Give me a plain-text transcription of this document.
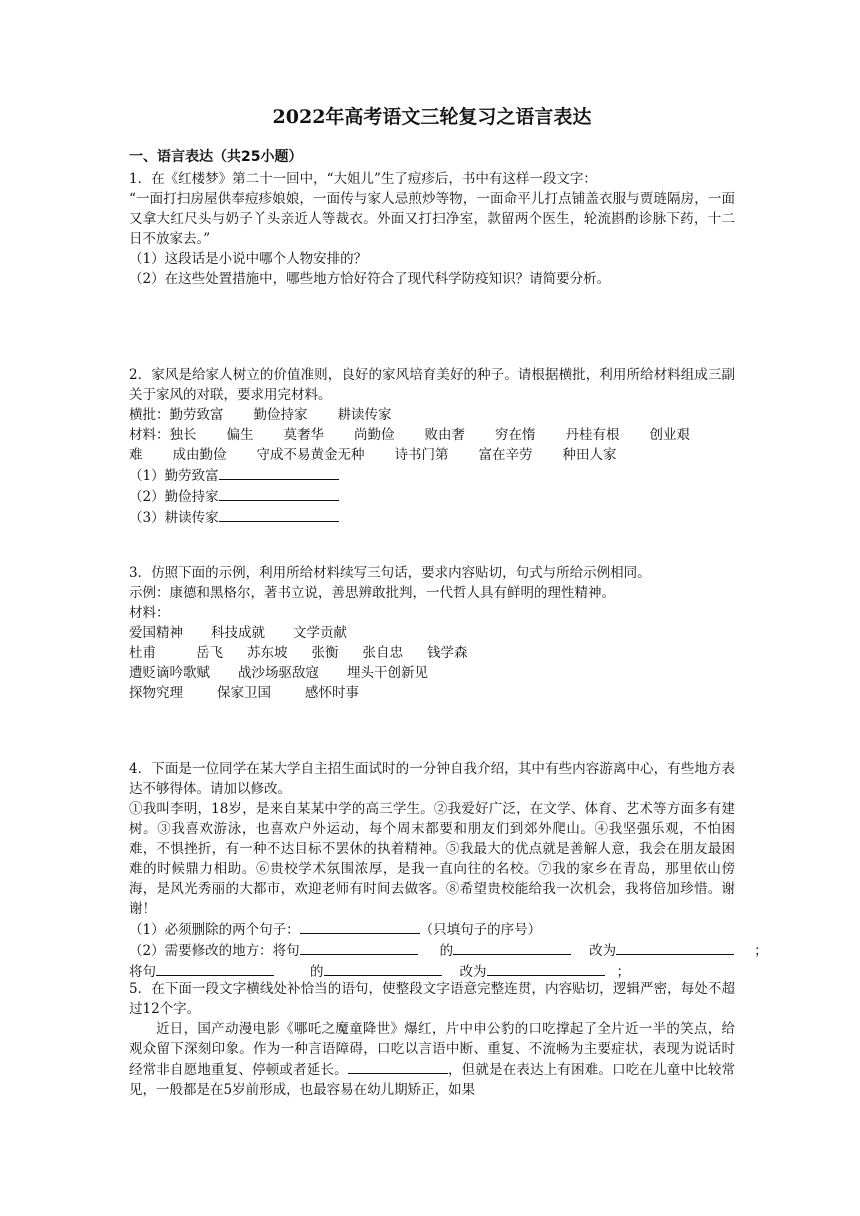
2022年高考语文三轮复习之语言表达
一、语言表达（共25小题）

1．在《红楼梦》第二十一回中，“大姐儿”生了痘疹后，书中有这样一段文字：

“一面打扫房屋供奉痘疹娘娘，一面传与家人忌煎炒等物，一面命平儿打点铺盖衣服与贾琏隔房，一面又拿大红尺头与奶子丫头亲近人等裁衣。外面又打扫净室，款留两个医生，轮流斟酌诊脉下药，十二日不放家去。”

（1）这段话是小说中哪个人物安排的？

（2）在这些处置措施中，哪些地方恰好符合了现代科学防疫知识？请简要分析。

2．家风是给家人树立的价值准则，良好的家风培育美好的种子。请根据横批，利用所给材料组成三副关于家风的对联，要求用完材料。

横批：勤劳致富 勤俭持家 耕读传家

材料：独长 偏生 莫奢华 尚勤俭 败由奢 穷在惰 丹桂有根 创业艰

难 成由勤俭 守成不易黄金无种 诗书门第 富在辛劳 种田人家

（1）勤劳致富

（2）勤俭持家

（3）耕读传家

3．仿照下面的示例，利用所给材料续写三句话，要求内容贴切，句式与所给示例相同。

示例：康德和黑格尔，著书立说，善思辨敢批判，一代哲人具有鲜明的理性精神。

材料：

爱国精神 科技成就 文学贡献

杜甫	岳飞 苏东坡 张衡 张自忠 钱学森

遭贬谪吟歌赋 战沙场驱敌寇 埋头干创新见

探物究理	保家卫国	感怀时事

4．下面是一位同学在某大学自主招生面试时的一分钟自我介绍，其中有些内容游离中心，有些地方表达不够得体。请加以修改。

①我叫李明，18岁，是来自某某中学的高三学生。②我爱好广泛，在文学、体育、艺术等方面多有建树。③我喜欢游泳，也喜欢户外运动，每个周末都要和朋友们到郊外爬山。④我坚强乐观，不怕困难，不惧挫折，有一种不达目标不罢休的执着精神。⑤我最大的优点就是善解人意，我会在朋友最困难的时候鼎力相助。⑥贵校学术氛围浓厚，是我一直向往的名校。⑦我的家乡在青岛，那里依山傍海，是风光秀丽的大都市，欢迎老师有时间去做客。⑧希望贵校能给我一次机会，我将倍加珍惜。谢谢！

（1）必须删除的两个句子：	（只填句子的序号）

（2）需要修改的地方：将句	的	改为	；

将句	的	改为	；

5．在下面一段文字横线处补恰当的语句，使整段文字语意完整连贯，内容贴切，逻辑严密，每处不超过12个字。

近日，国产动漫电影《哪吒之魔童降世》爆红，片中申公豹的口吃撑起了全片近一半的笑点，给观众留下深刻印象。作为一种言语障碍，口吃以言语中断、重复、不流畅为主要症状，表现为说话时经常非自愿地重复、停顿或者延长。	，但就是在表达上有困难。口吃在儿童中比较常见，一般都是在5岁前形成，也最容易在幼儿期矫正，如果
